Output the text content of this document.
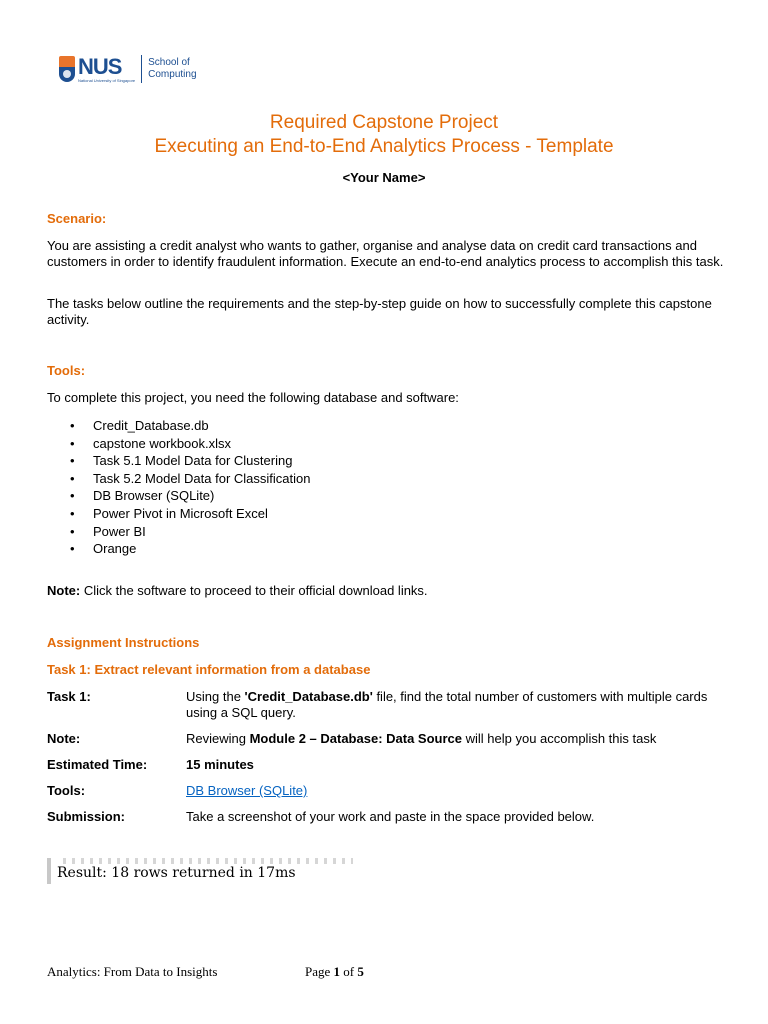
NUS
National University of Singapore
School of
Computing
Required Capstone Project
Executing an End-to-End Analytics Process - Template
<Your Name>
Scenario:
You are assisting a credit analyst who wants to gather, organise and analyse data on credit card transactions and customers in order to identify fraudulent information. Execute an end-to-end analytics process to accomplish this task.
The tasks below outline the requirements and the step-by-step guide on how to successfully complete this capstone activity.
Tools:
To complete this project, you need the following database and software:
•	Credit_Database.db
•	capstone workbook.xlsx
•	Task 5.1 Model Data for Clustering
•	Task 5.2 Model Data for Classification
•	DB Browser (SQLite)
•	Power Pivot in Microsoft Excel
•	Power BI
•	Orange
Note: Click the software to proceed to their official download links.
Assignment Instructions
Task 1: Extract relevant information from a database
Task 1:	Using the 'Credit_Database.db' file, find the total number of customers with multiple cards using a SQL query.
Note:	Reviewing Module 2 – Database: Data Source will help you accomplish this task
Estimated Time:	15 minutes
Tools:	DB Browser (SQLite)
Submission:	Take a screenshot of your work and paste in the space provided below.
Result: 18 rows returned in 17ms
Analytics: From Data to Insights	Page 1 of 5
